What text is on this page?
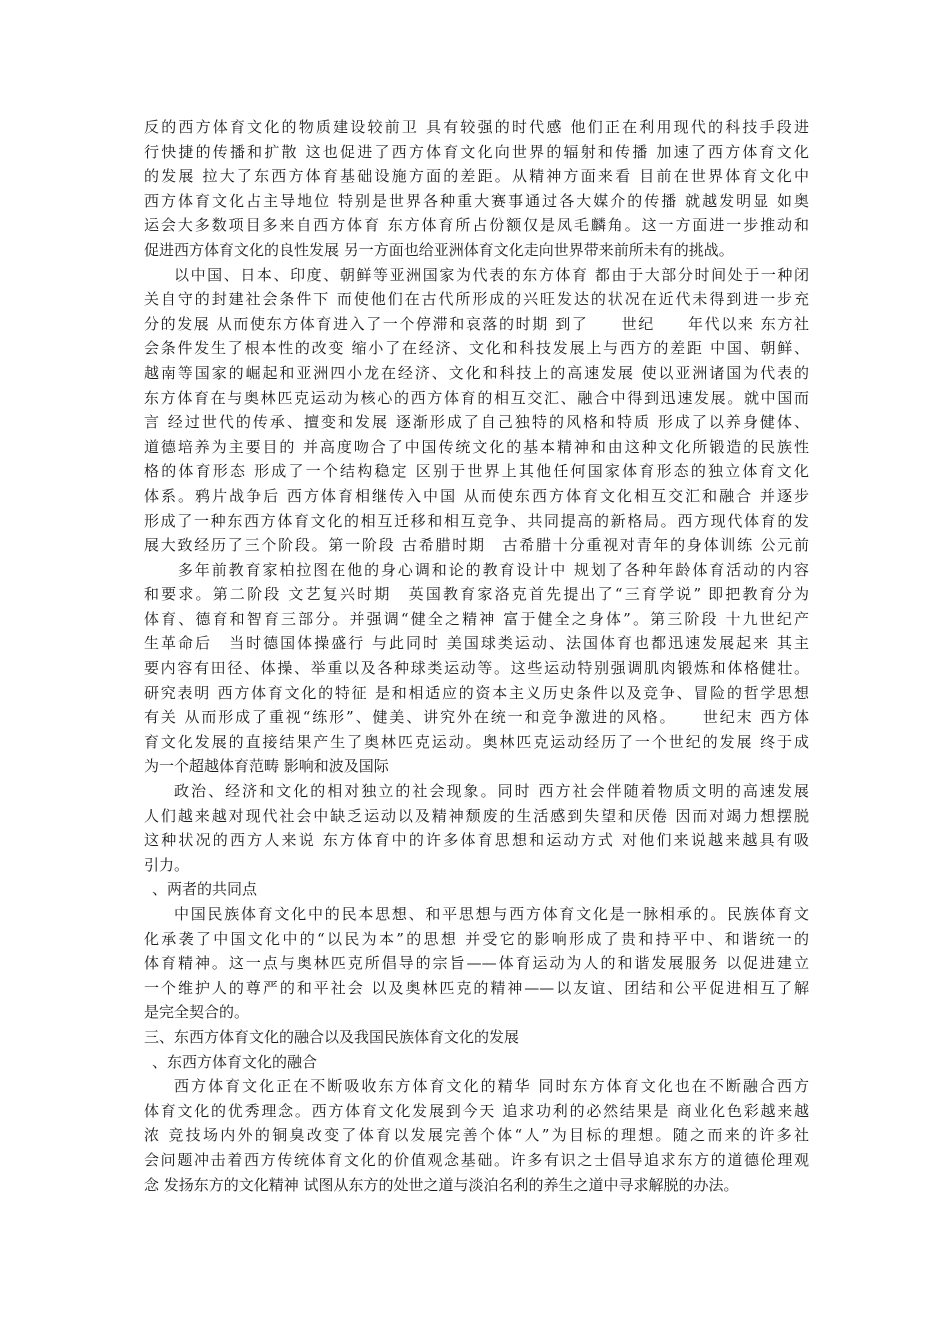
反的西方体育文化的物质建设较前卫 具有较强的时代感 他们正在利用现代的科技手段进
行快捷的传播和扩散 这也促进了西方体育文化向世界的辐射和传播 加速了西方体育文化
的发展 拉大了东西方体育基础设施方面的差距。从精神方面来看 目前在世界体育文化中
西方体育文化占主导地位 特别是世界各种重大赛事通过各大媒介的传播 就越发明显 如奥
运会大多数项目多来自西方体育 东方体育所占份额仅是凤毛麟角。这一方面进一步推动和
促进西方体育文化的良性发展 另一方面也给亚洲体育文化走向世界带来前所未有的挑战。
以中国、日本、印度、朝鲜等亚洲国家为代表的东方体育 都由于大部分时间处于一种闭
关自守的封建社会条件下 而使他们在古代所形成的兴旺发达的状况在近代未得到进一步充
分的发展 从而使东方体育进入了一个停滞和哀落的时期 到了　　世纪　　年代以来 东方社
会条件发生了根本性的改变 缩小了在经济、文化和科技发展上与西方的差距 中国、朝鲜、
越南等国家的崛起和亚洲四小龙在经济、文化和科技上的高速发展 使以亚洲诸国为代表的
东方体育在与奥林匹克运动为核心的西方体育的相互交汇、融合中得到迅速发展。就中国而
言 经过世代的传承、擅变和发展 逐渐形成了自己独特的风格和特质 形成了以养身健体、
道德培养为主要目的 并高度吻合了中国传统文化的基本精神和由这种文化所锻造的民族性
格的体育形态 形成了一个结构稳定 区别于世界上其他任何国家体育形态的独立体育文化
体系。鸦片战争后 西方体育相继传入中国 从而使东西方体育文化相互交汇和融合 并逐步
形成了一种东西方体育文化的相互迁移和相互竞争、共同提高的新格局。西方现代体育的发
展大致经历了三个阶段。第一阶段 古希腊时期　古希腊十分重视对青年的身体训练 公元前
　　多年前教育家柏拉图在他的身心调和论的教育设计中 规划了各种年龄体育活动的内容
和要求。第二阶段 文艺复兴时期　英国教育家洛克首先提出了“三育学说” 即把教育分为
体育、德育和智育三部分。并强调“健全之精神 富于健全之身体”。第三阶段 十九世纪产
生革命后　当时德国体操盛行 与此同时 美国球类运动、法国体育也都迅速发展起来 其主
要内容有田径、体操、举重以及各种球类运动等。这些运动特别强调肌肉锻炼和体格健壮。
研究表明 西方体育文化的特征 是和相适应的资本主义历史条件以及竞争、冒险的哲学思想
有关 从而形成了重视“练形”、健美、讲究外在统一和竞争激进的风格。　　世纪末 西方体
育文化发展的直接结果产生了奥林匹克运动。奥林匹克运动经历了一个世纪的发展 终于成
为一个超越体育范畴 影响和波及国际
政治、经济和文化的相对独立的社会现象。同时 西方社会伴随着物质文明的高速发展
人们越来越对现代社会中缺乏运动以及精神颓废的生活感到失望和厌倦 因而对竭力想摆脱
这种状况的西方人来说 东方体育中的许多体育思想和运动方式 对他们来说越来越具有吸
引力。
、两者的共同点
中国民族体育文化中的民本思想、和平思想与西方体育文化是一脉相承的。民族体育文
化承袭了中国文化中的“以民为本”的思想 并受它的影响形成了贵和持平中、和谐统一的
体育精神。这一点与奥林匹克所倡导的宗旨——体育运动为人的和谐发展服务 以促进建立
一个维护人的尊严的和平社会 以及奥林匹克的精神——以友谊、团结和公平促进相互了解
是完全契合的。
三、东西方体育文化的融合以及我国民族体育文化的发展
、东西方体育文化的融合
西方体育文化正在不断吸收东方体育文化的精华 同时东方体育文化也在不断融合西方
体育文化的优秀理念。西方体育文化发展到今天 追求功利的必然结果是 商业化色彩越来越
浓 竞技场内外的铜臭改变了体育以发展完善个体“人”为目标的理想。随之而来的许多社
会问题冲击着西方传统体育文化的价值观念基础。许多有识之士倡导追求东方的道德伦理观
念 发扬东方的文化精神 试图从东方的处世之道与淡泊名利的养生之道中寻求解脱的办法。
